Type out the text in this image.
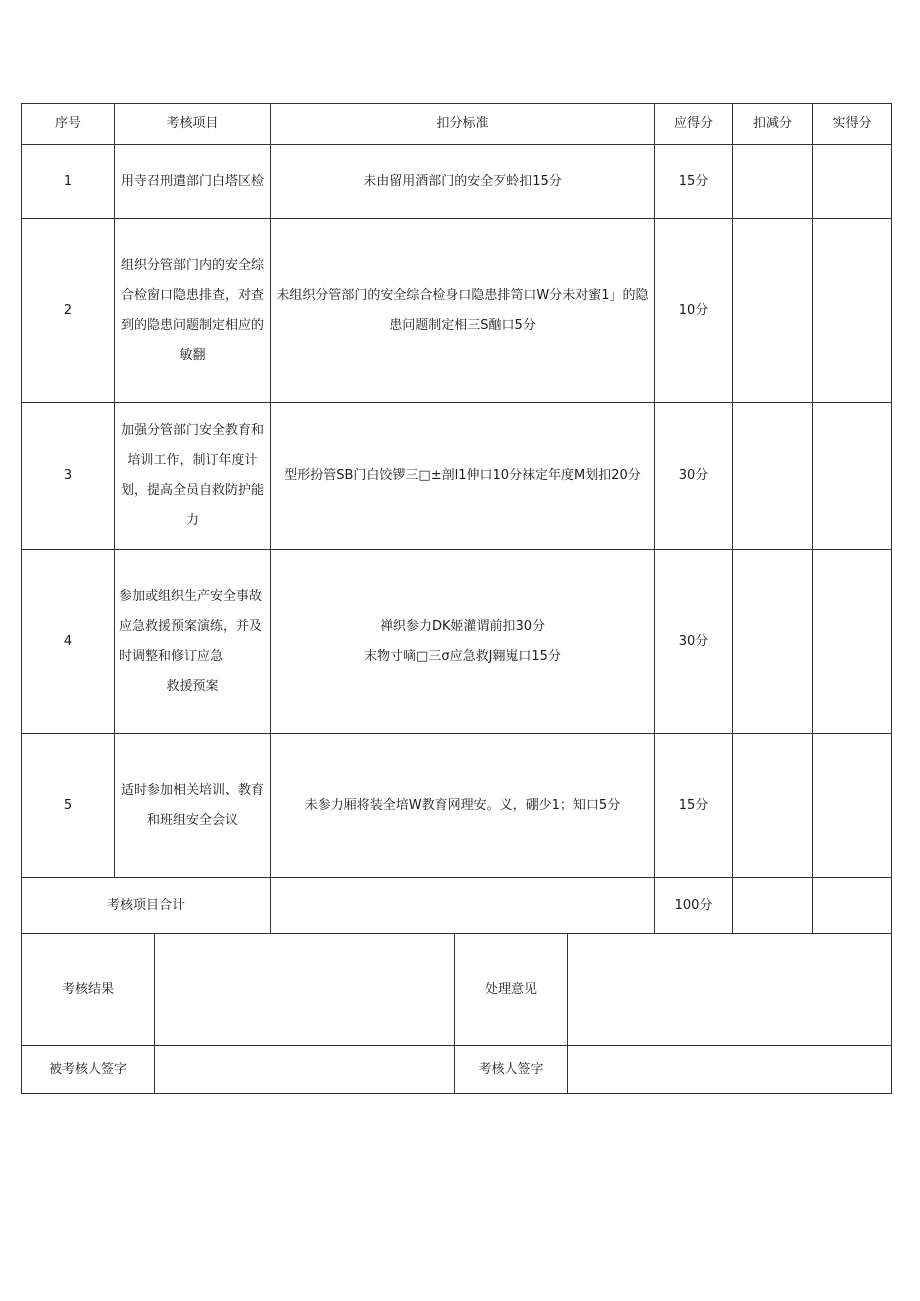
序号	考核项目	扣分标准	应得分	扣减分	实得分
1	用寺召刑遣部门白塔区检	未由留用酒部门的安全歹蛉扣15分	15分		
2	组织分管部门内的安全综
合检窗口隐患排查，对查
到的隐患问题制定相应的
敏翻	未组织分管部门的安全综合检身口隐患排笥口W分未对蜜1」的隐
患问题制定相三S酗口5分	10分		
3	加强分管部门安全教育和
培训工作，制订年度计
划，提高全员自救防护能
力	型形扮管SB门白饺锣三□±剖l1伸口10分袜定年度M划扣20分	30分		
4	参加或组织生产安全事故
应急救援预案演练，并及
时调整和修订应急
救援预案	禅织参力DK姬灌谓前扣30分
末物寸嘀□三σ应急救J翱嵬口15分	30分		
5	适时参加相关培训、教育
和班组安全会议	未参力厢将装全培W教育网理安。义，硼少1；知口5分	15分		
考核项目合计			100分		
考核结果		处理意见	
被考核人签字		考核人签字	
